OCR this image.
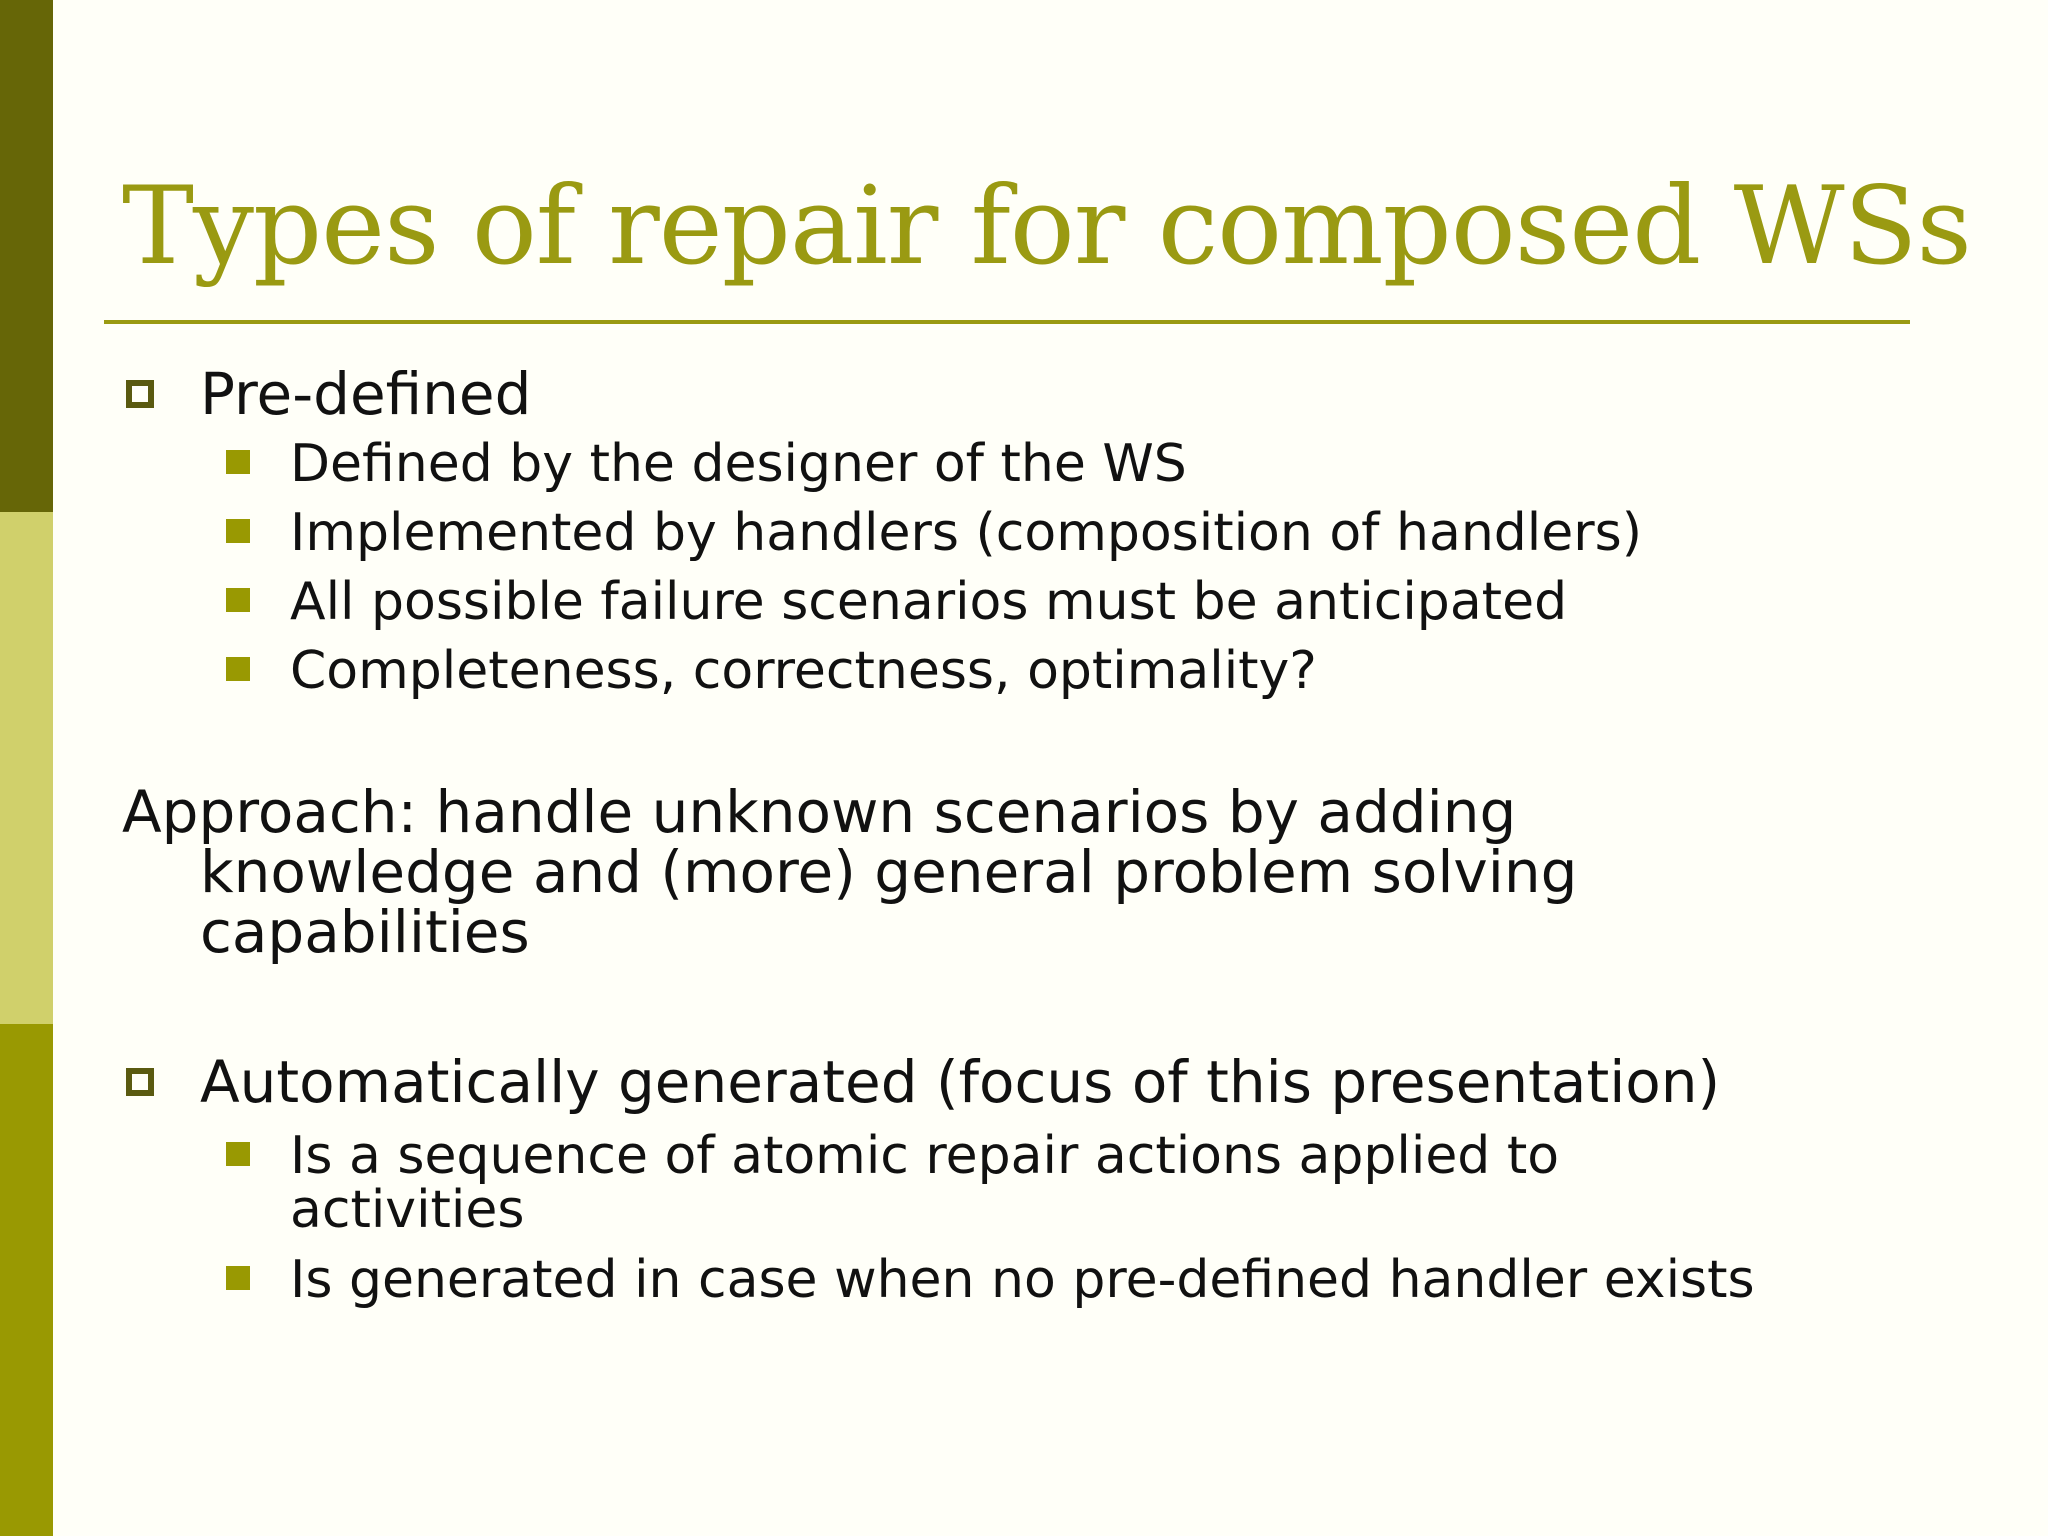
Types of repair for composed WSs
Pre-defined
Defined by the designer of the WS
Implemented by handlers (composition of handlers)
All possible failure scenarios must be anticipated
Completeness, correctness, optimality?
Approach: handle unknown scenarios by adding
knowledge and (more) general problem solving
capabilities
Automatically generated (focus of this presentation)
Is a sequence of atomic repair actions applied to
activities
Is generated in case when no pre-defined handler exists
